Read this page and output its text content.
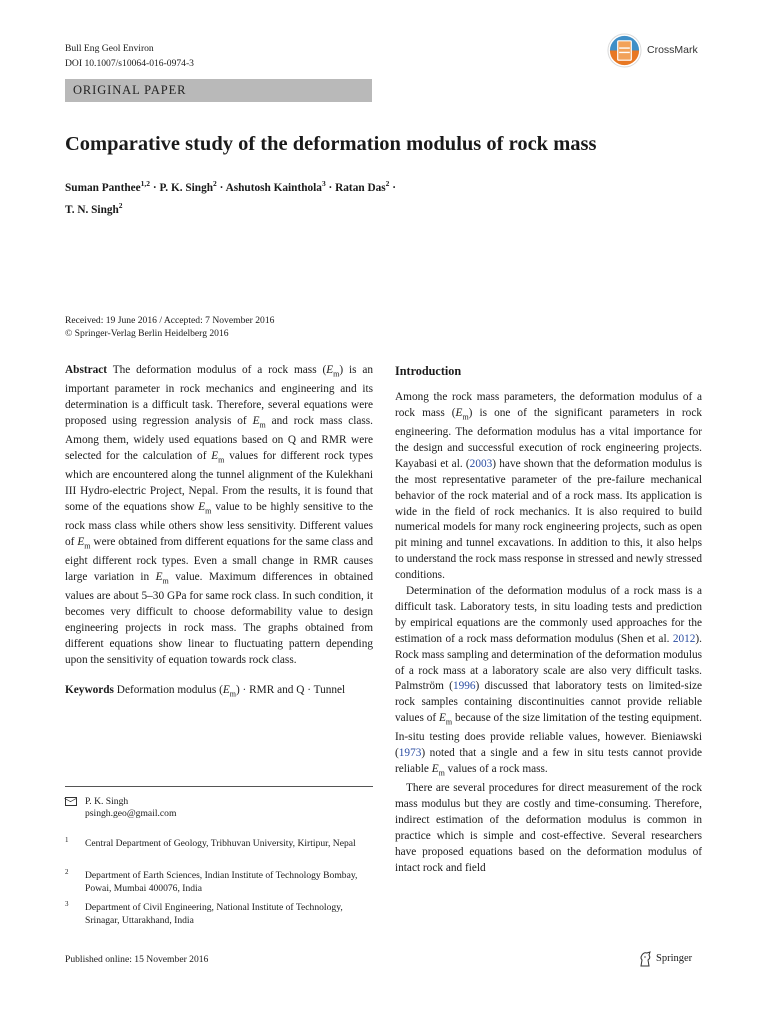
Bull Eng Geol Environ
DOI 10.1007/s10064-016-0974-3
CrossMark
ORIGINAL PAPER
Comparative study of the deformation modulus of rock mass
Suman Panthee$^{1,2}$ · P. K. Singh$^2$ · Ashutosh Kainthola$^3$ · Ratan Das$^2$ ·
T. N. Singh$^2$
Received: 19 June 2016 / Accepted: 7 November 2016
© Springer-Verlag Berlin Heidelberg 2016

Abstract The deformation modulus of a rock mass $(E_m)$ is an important parameter in rock mechanics and engineering and its determination is a difficult task. Therefore, several equations were proposed using regression analysis of $E_m$ and rock mass class. Among them, widely used equations based on Q and RMR were selected for the calculation of $E_m$ values for different rock types which are encountered along the tunnel alignment of the Kulekhani III Hydro-electric Project, Nepal. From the results, it is found that some of the equations show $E_m$ value to be highly sensitive to the rock mass class while others show less sensitivity. Different values of $E_m$ were obtained from different equations for the same class and eight different rock types. Even a small change in RMR causes large variation in $E_m$ value. Maximum differences in obtained values are about 5–30 GPa for same rock class. In such condition, it becomes very difficult to choose deformability value to design engineering projects in rock mass. The graphs obtained from different equations show linear to fluctuating pattern depending upon the sensitivity of equation towards rock class.

Keywords Deformation modulus $(E_m)$ · RMR and Q · Tunnel

P. K. Singh
psingh.geo@gmail.com
1 Central Department of Geology, Tribhuvan University, Kirtipur, Nepal
2 Department of Earth Sciences, Indian Institute of Technology Bombay, Powai, Mumbai 400076, India
3 Department of Civil Engineering, National Institute of Technology, Srinagar, Uttarakhand, India

Introduction

Among the rock mass parameters, the deformation modulus of a rock mass $(E_m)$ is one of the significant parameters in rock engineering. The deformation modulus has a vital importance for the design and successful execution of rock engineering projects. Kayabasi et al. (2003) have shown that the deformation modulus is the most representative parameter of the pre-failure mechanical behavior of the rock material and of a rock mass. Its application is wide in the field of rock mechanics. It is also required to build numerical models for many rock engineering projects, such as open pit mining and tunnel excavations. In addition to this, it also helps to understand the rock mass response in stressed and newly stressed conditions.

Determination of the deformation modulus of a rock mass is a difficult task. Laboratory tests, in situ loading tests and prediction by empirical equations are the commonly used approaches for the estimation of a rock mass deformation modulus (Shen et al. 2012). Rock mass sampling and determination of the deformation modulus of a rock mass at a laboratory scale are also very difficult tasks. Palmström (1996) discussed that laboratory tests on limited-size rock samples containing discontinuities cannot provide reliable values of $E_m$ because of the size limitation of the testing equipment. In-situ testing does provide reliable values, however. Bieniawski (1973) noted that a single and a few in situ tests cannot provide reliable $E_m$ values of a rock mass.

There are several procedures for direct measurement of the rock mass modulus but they are costly and time-consuming. Therefore, indirect estimation of the deformation modulus is common in practice which is simple and cost-effective. Several researchers have proposed equations based on the deformation modulus of intact rock and field

Published online: 15 November 2016	Springer
